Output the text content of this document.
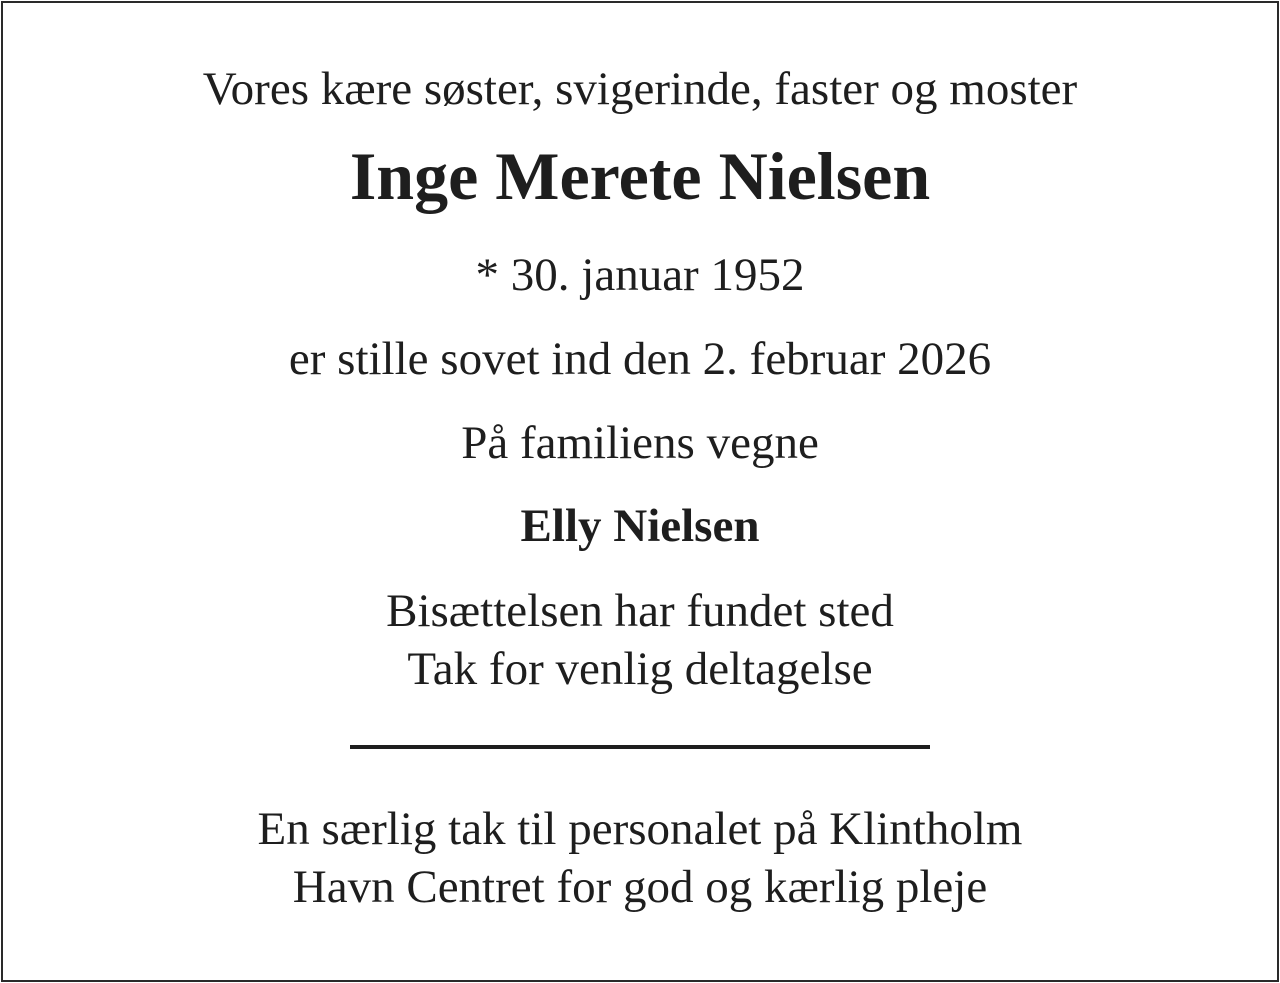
Vores kære søster, svigerinde, faster og moster
Inge Merete Nielsen
* 30. januar 1952
er stille sovet ind den 2. februar 2026
På familiens vegne
Elly Nielsen
Bisættelsen har fundet sted
Tak for venlig deltagelse
En særlig tak til personalet på Klintholm
Havn Centret for god og kærlig pleje
